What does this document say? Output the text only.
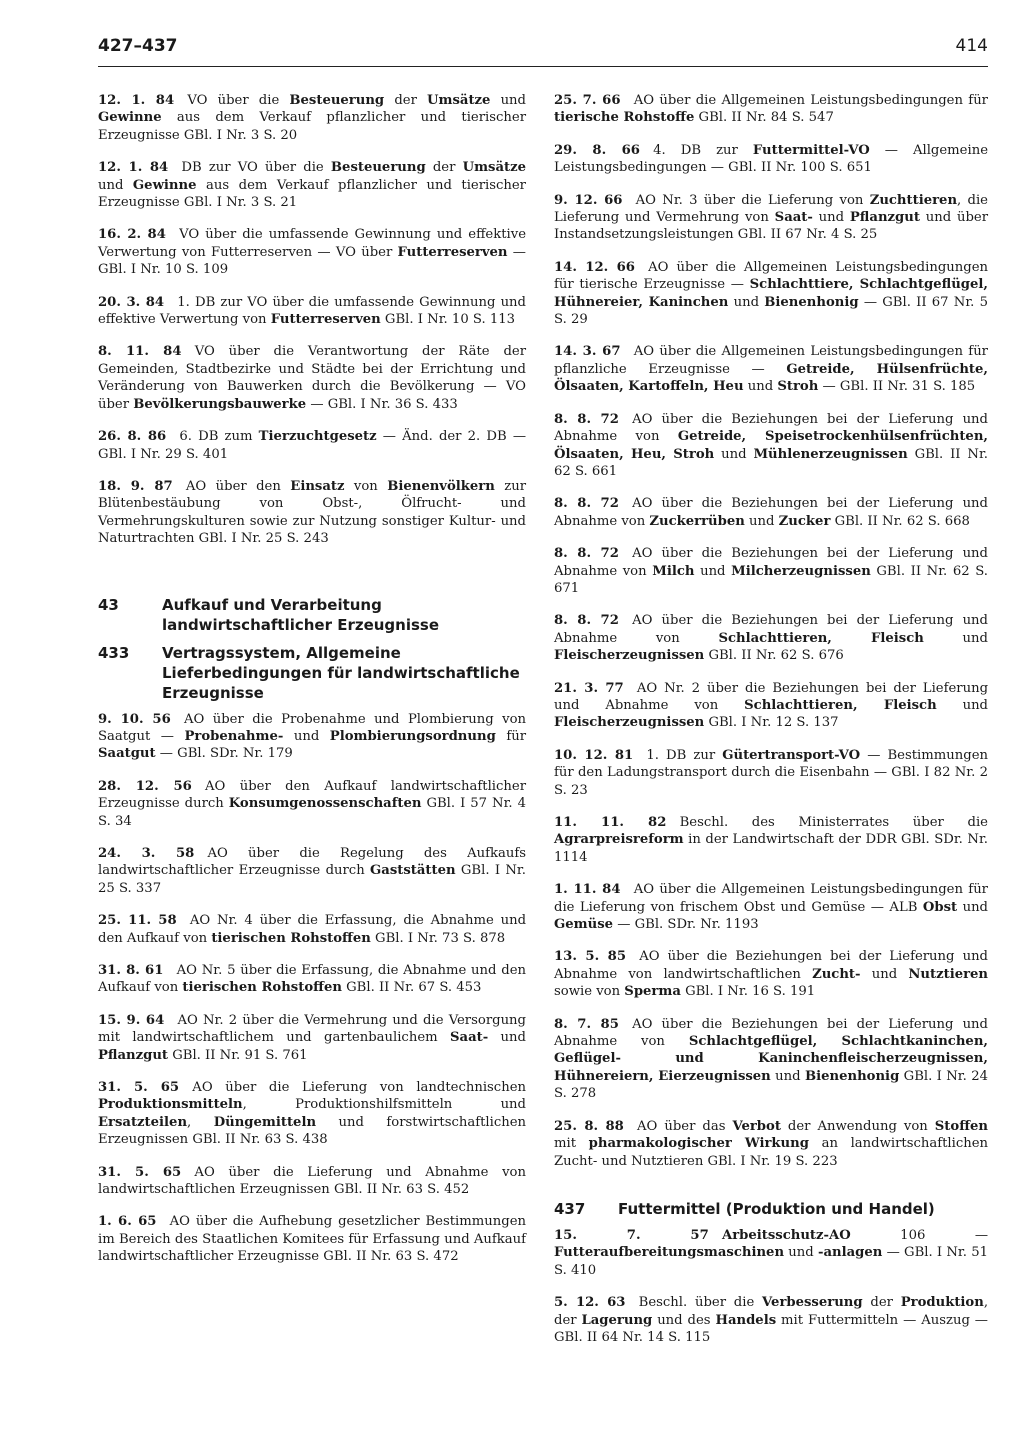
427–437	414

12. 1. 84  VO über die Besteuerung der Umsätze und Gewinne aus dem Verkauf pflanzlicher und tierischer Erzeugnisse GBl. I Nr. 3 S. 20

12. 1. 84  DB zur VO über die Besteuerung der Umsätze und Gewinne aus dem Verkauf pflanzlicher und tierischer Erzeugnisse GBl. I Nr. 3 S. 21

16. 2. 84  VO über die umfassende Gewinnung und effektive Verwertung von Futterreserven — VO über Futterreserven — GBl. I Nr. 10 S. 109

20. 3. 84  1. DB zur VO über die umfassende Gewinnung und effektive Verwertung von Futterreserven GBl. I Nr. 10 S. 113

8. 11. 84  VO über die Verantwortung der Räte der Gemeinden, Stadtbezirke und Städte bei der Errichtung und Veränderung von Bauwerken durch die Bevölkerung — VO über Bevölkerungsbauwerke — GBl. I Nr. 36 S. 433

26. 8. 86  6. DB zum Tierzuchtgesetz — Änd. der 2. DB — GBl. I Nr. 29 S. 401

18. 9. 87  AO über den Einsatz von Bienenvölkern zur Blütenbestäubung von Obst-, Ölfrucht- und Vermehrungskulturen sowie zur Nutzung sonstiger Kultur- und Naturtrachten GBl. I Nr. 25 S. 243

43	Aufkauf und Verarbeitung landwirtschaftlicher Erzeugnisse
433 Vertragssystem, Allgemeine Lieferbedingungen für landwirtschaftliche Erzeugnisse

9. 10. 56  AO über die Probenahme und Plombierung von Saatgut — Probenahme- und Plombierungsordnung für Saatgut — GBl. SDr. Nr. 179

28. 12. 56  AO über den Aufkauf landwirtschaftlicher Erzeugnisse durch Konsumgenossenschaften GBl. I 57 Nr. 4 S. 34

24. 3. 58  AO über die Regelung des Aufkaufs landwirtschaftlicher Erzeugnisse durch Gaststätten GBl. I Nr. 25 S. 337

25. 11. 58  AO Nr. 4 über die Erfassung, die Abnahme und den Aufkauf von tierischen Rohstoffen GBl. I Nr. 73 S. 878

31. 8. 61  AO Nr. 5 über die Erfassung, die Abnahme und den Aufkauf von tierischen Rohstoffen GBl. II Nr. 67 S. 453

15. 9. 64  AO Nr. 2 über die Vermehrung und die Versorgung mit landwirtschaftlichem und gartenbaulichem Saat- und Pflanzgut GBl. II Nr. 91 S. 761

31. 5. 65  AO über die Lieferung von landtechnischen Produktionsmitteln, Produktionshilfsmitteln und Ersatzteilen, Düngemitteln und forstwirtschaftlichen Erzeugnissen GBl. II Nr. 63 S. 438

31. 5. 65  AO über die Lieferung und Abnahme von landwirtschaftlichen Erzeugnissen GBl. II Nr. 63 S. 452

1. 6. 65  AO über die Aufhebung gesetzlicher Bestimmungen im Bereich des Staatlichen Komitees für Erfassung und Aufkauf landwirtschaftlicher Erzeugnisse GBl. II Nr. 63 S. 472

25. 7. 66  AO über die Allgemeinen Leistungsbedingungen für tierische Rohstoffe GBl. II Nr. 84 S. 547

29. 8. 66  4. DB zur Futtermittel-VO — Allgemeine Leistungsbedingungen — GBl. II Nr. 100 S. 651

9. 12. 66  AO Nr. 3 über die Lieferung von Zuchttieren, die Lieferung und Vermehrung von Saat- und Pflanzgut und über Instandsetzungsleistungen GBl. II 67 Nr. 4 S. 25

14. 12. 66  AO über die Allgemeinen Leistungsbedingungen für tierische Erzeugnisse — Schlachttiere, Schlachtgeflügel, Hühnereier, Kaninchen und Bienenhonig — GBl. II 67 Nr. 5 S. 29

14. 3. 67  AO über die Allgemeinen Leistungsbedingungen für pflanzliche Erzeugnisse — Getreide, Hülsenfrüchte, Ölsaaten, Kartoffeln, Heu und Stroh — GBl. II Nr. 31 S. 185

8. 8. 72  AO über die Beziehungen bei der Lieferung und Abnahme von Getreide, Speisetrockenhülsenfrüchten, Ölsaaten, Heu, Stroh und Mühlenerzeugnissen GBl. II Nr. 62 S. 661

8. 8. 72  AO über die Beziehungen bei der Lieferung und Abnahme von Zuckerrüben und Zucker GBl. II Nr. 62 S. 668

8. 8. 72  AO über die Beziehungen bei der Lieferung und Abnahme von Milch und Milcherzeugnissen GBl. II Nr. 62 S. 671

8. 8. 72  AO über die Beziehungen bei der Lieferung und Abnahme von Schlachttieren, Fleisch und Fleischerzeugnissen GBl. II Nr. 62 S. 676

21. 3. 77  AO Nr. 2 über die Beziehungen bei der Lieferung und Abnahme von Schlachttieren, Fleisch und Fleischerzeugnissen GBl. I Nr. 12 S. 137

10. 12. 81  1. DB zur Gütertransport-VO — Bestimmungen für den Ladungstransport durch die Eisenbahn — GBl. I 82 Nr. 2 S. 23

11. 11. 82  Beschl. des Ministerrates über die Agrarpreisreform in der Landwirtschaft der DDR GBl. SDr. Nr. 1114

1. 11. 84  AO über die Allgemeinen Leistungsbedingungen für die Lieferung von frischem Obst und Gemüse — ALB Obst und Gemüse — GBl. SDr. Nr. 1193

13. 5. 85  AO über die Beziehungen bei der Lieferung und Abnahme von landwirtschaftlichen Zucht- und Nutztieren sowie von Sperma GBl. I Nr. 16 S. 191

8. 7. 85  AO über die Beziehungen bei der Lieferung und Abnahme von Schlachtgeflügel, Schlachtkaninchen, Geflügel- und Kaninchenfleischerzeugnissen, Hühnereiern, Eierzeugnissen und Bienenhonig GBl. I Nr. 24 S. 278

25. 8. 88  AO über das Verbot der Anwendung von Stoffen mit pharmakologischer Wirkung an landwirtschaftlichen Zucht- und Nutztieren GBl. I Nr. 19 S. 223

437 Futtermittel (Produktion und Handel)

15. 7. 57  Arbeitsschutz-AO 106 — Futteraufbereitungsmaschinen und -anlagen — GBl. I Nr. 51 S. 410

5. 12. 63  Beschl. über die Verbesserung der Produktion, der Lagerung und des Handels mit Futtermitteln — Auszug — GBl. II 64 Nr. 14 S. 115
